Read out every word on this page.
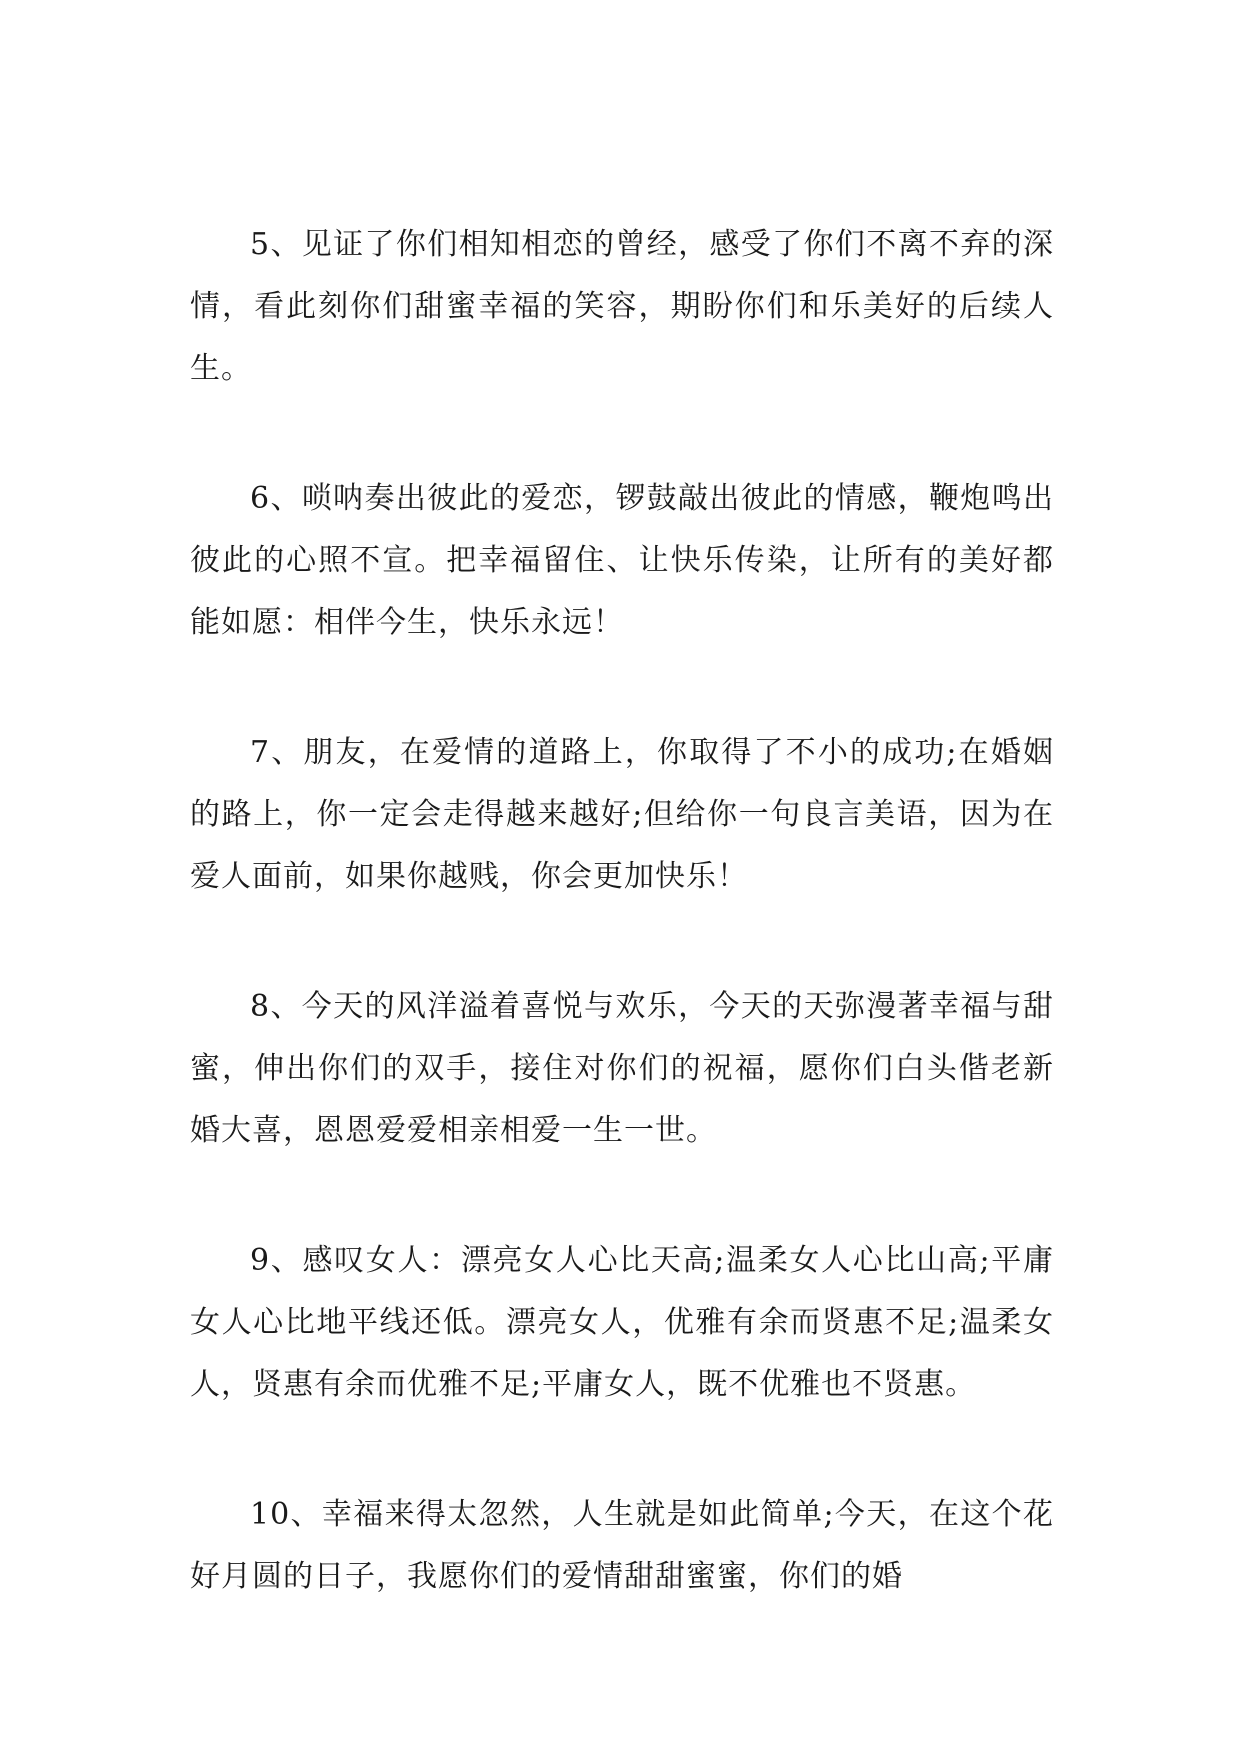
5、见证了你们相知相恋的曾经，感受了你们不离不弃的深情，看此刻你们甜蜜幸福的笑容，期盼你们和乐美好的后续人生。

6、唢呐奏出彼此的爱恋，锣鼓敲出彼此的情感，鞭炮鸣出彼此的心照不宣。把幸福留住、让快乐传染，让所有的美好都能如愿：相伴今生，快乐永远！

7、朋友，在爱情的道路上，你取得了不小的成功;在婚姻的路上，你一定会走得越来越好;但给你一句良言美语，因为在爱人面前，如果你越贱，你会更加快乐！

8、今天的风洋溢着喜悦与欢乐，今天的天弥漫著幸福与甜蜜，伸出你们的双手，接住对你们的祝福，愿你们白头偕老新婚大喜，恩恩爱爱相亲相爱一生一世。

9、感叹女人：漂亮女人心比天高;温柔女人心比山高;平庸女人心比地平线还低。漂亮女人，优雅有余而贤惠不足;温柔女人，贤惠有余而优雅不足;平庸女人，既不优雅也不贤惠。

10、幸福来得太忽然，人生就是如此简单;今天，在这个花好月圆的日子，我愿你们的爱情甜甜蜜蜜，你们的婚
